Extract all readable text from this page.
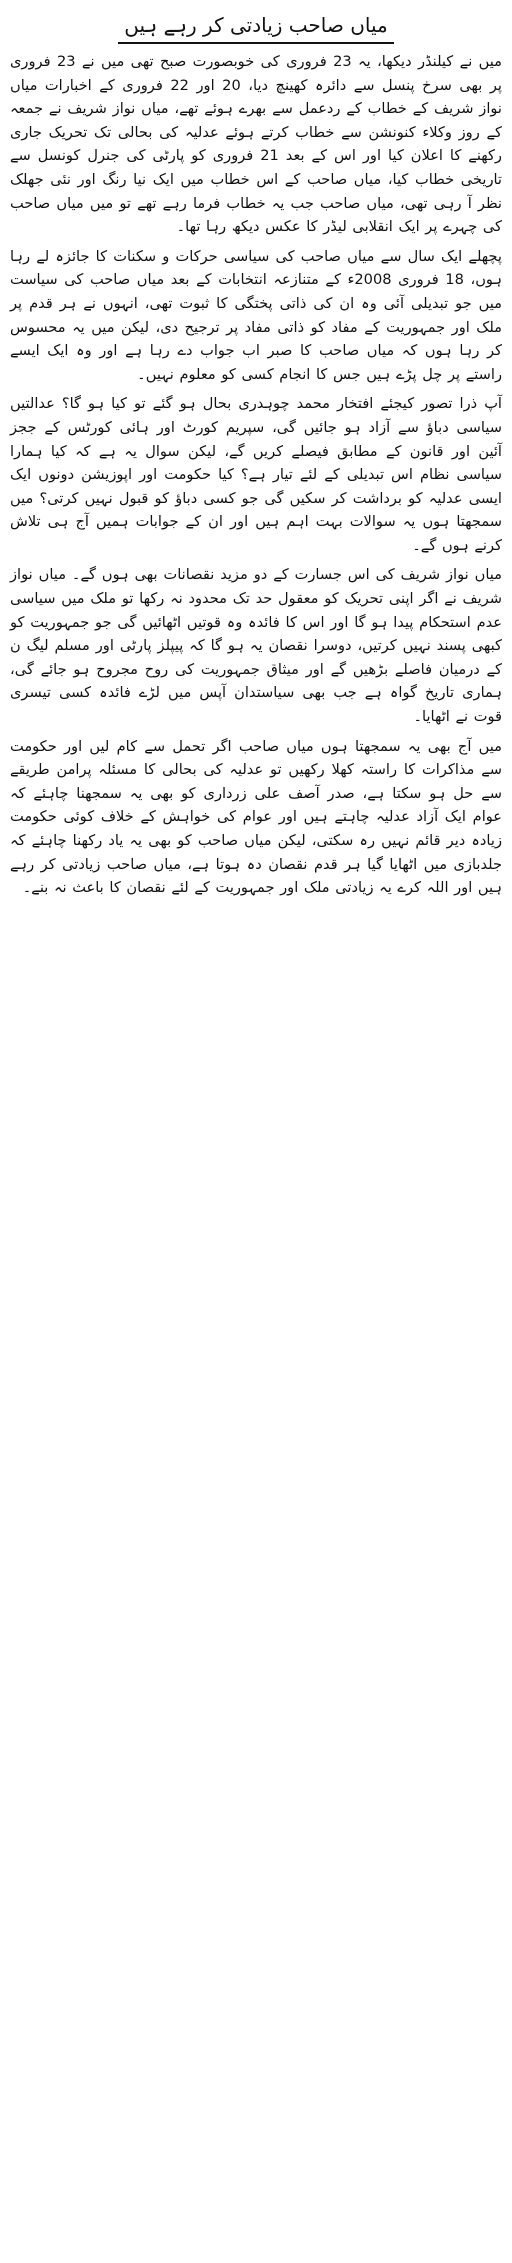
میاں صاحب زیادتی کر رہے ہیں

میں نے کیلنڈر دیکھا، یہ 23 فروری کی خوبصورت صبح تھی میں نے 23 فروری پر بھی سرخ پنسل سے دائرہ کھینچ دیا، 20 اور 22 فروری کے اخبارات میاں نواز شریف کے خطاب کے ردعمل سے بھرے ہوئے تھے، میاں نواز شریف نے جمعہ کے روز وکلاء کنونشن سے خطاب کرتے ہوئے عدلیہ کی بحالی تک تحریک جاری رکھنے کا اعلان کیا اور اس کے بعد 21 فروری کو پارٹی کی جنرل کونسل سے تاریخی خطاب کیا، میاں صاحب کے اس خطاب میں ایک نیا رنگ اور نئی جھلک نظر آ رہی تھی، میاں صاحب جب یہ خطاب فرما رہے تھے تو میں میاں صاحب کی چہرے پر ایک انقلابی لیڈر کا عکس دیکھ رہا تھا۔

پچھلے ایک سال سے میاں صاحب کی سیاسی حرکات و سکنات کا جائزہ لے رہا ہوں، 18 فروری 2008ء کے متنازعہ انتخابات کے بعد میاں صاحب کی سیاست میں جو تبدیلی آئی وہ ان کی ذاتی پختگی کا ثبوت تھی، انہوں نے ہر قدم پر ملک اور جمہوریت کے مفاد کو ذاتی مفاد پر ترجیح دی، لیکن میں یہ محسوس کر رہا ہوں کہ میاں صاحب کا صبر اب جواب دے رہا ہے اور وہ ایک ایسے راستے پر چل پڑے ہیں جس کا انجام کسی کو معلوم نہیں۔

آپ ذرا تصور کیجئے افتخار محمد چوہدری بحال ہو گئے تو کیا ہو گا؟ عدالتیں سیاسی دباؤ سے آزاد ہو جائیں گی، سپریم کورٹ اور ہائی کورٹس کے ججز آئین اور قانون کے مطابق فیصلے کریں گے، لیکن سوال یہ ہے کہ کیا ہمارا سیاسی نظام اس تبدیلی کے لئے تیار ہے؟ کیا حکومت اور اپوزیشن دونوں ایک ایسی عدلیہ کو برداشت کر سکیں گی جو کسی دباؤ کو قبول نہیں کرتی؟ میں سمجھتا ہوں یہ سوالات بہت اہم ہیں اور ان کے جوابات ہمیں آج ہی تلاش کرنے ہوں گے۔

میاں نواز شریف کی اس جسارت کے دو مزید نقصانات بھی ہوں گے۔ میاں نواز شریف نے اگر اپنی تحریک کو معقول حد تک محدود نہ رکھا تو ملک میں سیاسی عدم استحکام پیدا ہو گا اور اس کا فائدہ وہ قوتیں اٹھائیں گی جو جمہوریت کو کبھی پسند نہیں کرتیں، دوسرا نقصان یہ ہو گا کہ پیپلز پارٹی اور مسلم لیگ ن کے درمیان فاصلے بڑھیں گے اور میثاق جمہوریت کی روح مجروح ہو جائے گی، ہماری تاریخ گواہ ہے جب بھی سیاستدان آپس میں لڑے فائدہ کسی تیسری قوت نے اٹھایا۔

میں آج بھی یہ سمجھتا ہوں میاں صاحب اگر تحمل سے کام لیں اور حکومت سے مذاکرات کا راستہ کھلا رکھیں تو عدلیہ کی بحالی کا مسئلہ پرامن طریقے سے حل ہو سکتا ہے، صدر آصف علی زرداری کو بھی یہ سمجھنا چاہئے کہ عوام ایک آزاد عدلیہ چاہتے ہیں اور عوام کی خواہش کے خلاف کوئی حکومت زیادہ دیر قائم نہیں رہ سکتی، لیکن میاں صاحب کو بھی یہ یاد رکھنا چاہئے کہ جلدبازی میں اٹھایا گیا ہر قدم نقصان دہ ہوتا ہے، میاں صاحب زیادتی کر رہے ہیں اور اللہ کرے یہ زیادتی ملک اور جمہوریت کے لئے نقصان کا باعث نہ بنے۔
